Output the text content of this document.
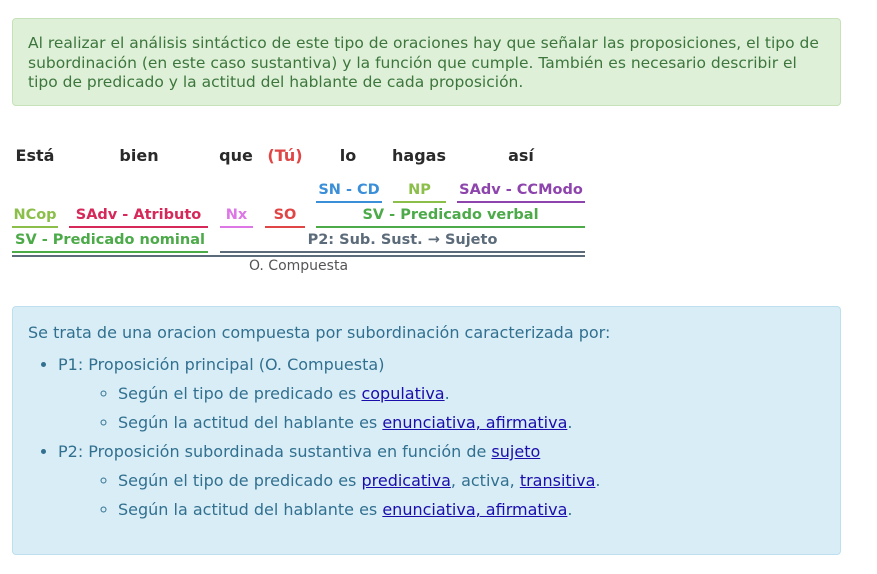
Al realizar el análisis sintáctico de este tipo de oraciones hay que señalar las proposiciones, el tipo de subordinación (en este caso sustantiva) y la función que cumple. También es necesario describir el tipo de predicado y la actitud del hablante de cada proposición.
Está	bien	que (Tú) lo hagas	así
SN - CD	NP	SAdv - CCModo
NCop	SAdv - Atributo	Nx	SO	SV - Predicado verbal
SV - Predicado nominal	P2: Sub. Sust. → Sujeto
O. Compuesta
Se trata de una oracion compuesta por subordinación caracterizada por:
• P1: Proposición principal (O. Compuesta)
◦ Según el tipo de predicado es copulativa.
◦ Según la actitud del hablante es enunciativa, afirmativa.
• P2: Proposición subordinada sustantiva en función de sujeto
◦ Según el tipo de predicado es predicativa, activa, transitiva.
◦ Según la actitud del hablante es enunciativa, afirmativa.
